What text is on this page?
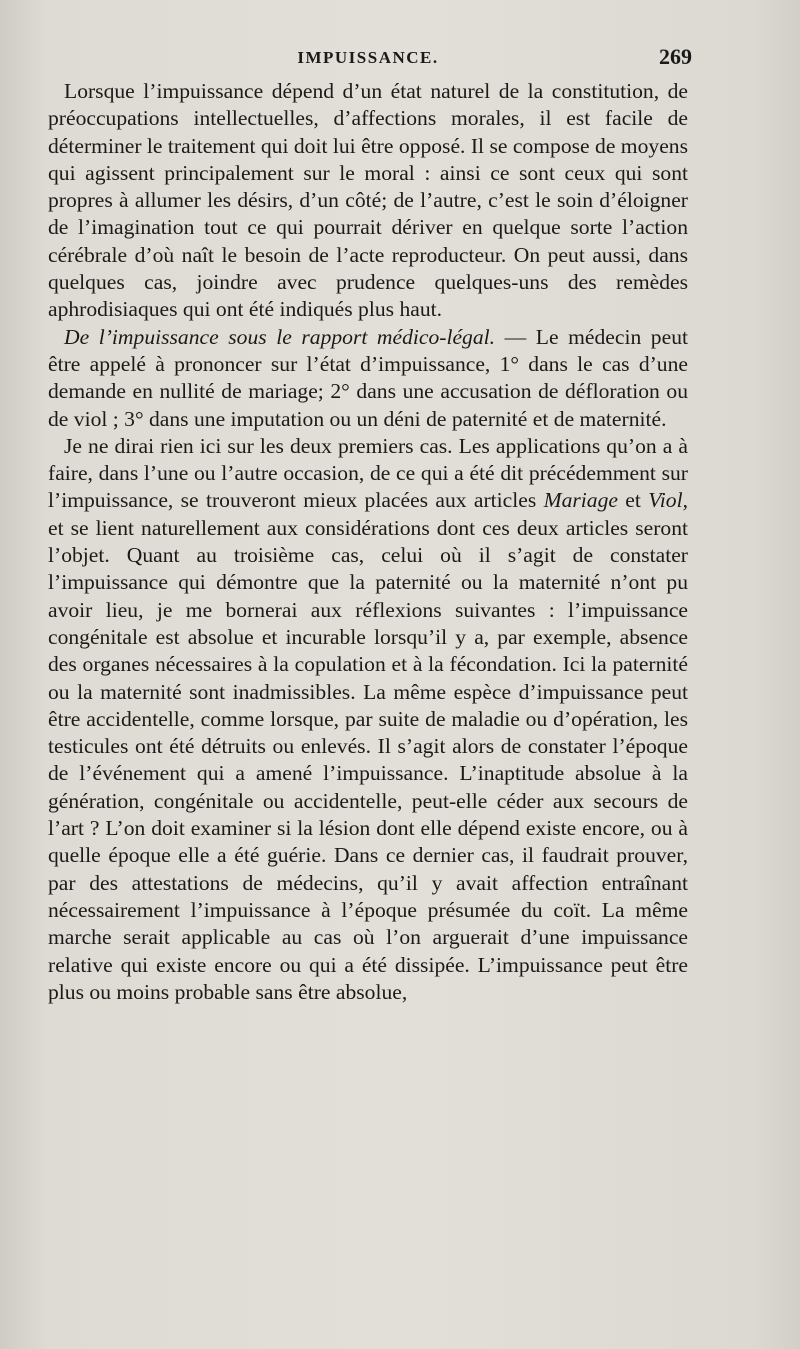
IMPUISSANCE.	269

Lorsque l’impuissance dépend d’un état naturel de la constitution, de préoccupations intellectuelles, d’affections morales, il est facile de déterminer le traitement qui doit lui être opposé. Il se compose de moyens qui agissent principalement sur le moral : ainsi ce sont ceux qui sont propres à allumer les désirs, d’un côté; de l’autre, c’est le soin d’éloigner de l’imagination tout ce qui pourrait dériver en quelque sorte l’action cérébrale d’où naît le besoin de l’acte reproducteur. On peut aussi, dans quelques cas, joindre avec prudence quelques-uns des remèdes aphrodisiaques qui ont été indiqués plus haut.

De l’impuissance sous le rapport médico-légal. — Le médecin peut être appelé à prononcer sur l’état d’impuissance, 1° dans le cas d’une demande en nullité de mariage; 2° dans une accusation de défloration ou de viol ; 3° dans une imputation ou un déni de paternité et de maternité.

Je ne dirai rien ici sur les deux premiers cas. Les applications qu’on a à faire, dans l’une ou l’autre occasion, de ce qui a été dit précédemment sur l’impuissance, se trouveront mieux placées aux articles Mariage et Viol, et se lient naturellement aux considérations dont ces deux articles seront l’objet. Quant au troisième cas, celui où il s’agit de constater l’impuissance qui démontre que la paternité ou la maternité n’ont pu avoir lieu, je me bornerai aux réflexions suivantes : l’impuissance congénitale est absolue et incurable lorsqu’il y a, par exemple, absence des organes nécessaires à la copulation et à la fécondation. Ici la paternité ou la maternité sont inadmissibles. La même espèce d’impuissance peut être accidentelle, comme lorsque, par suite de maladie ou d’opération, les testicules ont été détruits ou enlevés. Il s’agit alors de constater l’époque de l’événement qui a amené l’impuissance. L’inaptitude absolue à la génération, congénitale ou accidentelle, peut-elle céder aux secours de l’art ? L’on doit examiner si la lésion dont elle dépend existe encore, ou à quelle époque elle a été guérie. Dans ce dernier cas, il faudrait prouver, par des attestations de médecins, qu’il y avait affection entraînant nécessairement l’impuissance à l’époque présumée du coït. La même marche serait applicable au cas où l’on arguerait d’une impuissance relative qui existe encore ou qui a été dissipée. L’impuissance peut être plus ou moins probable sans être absolue,
